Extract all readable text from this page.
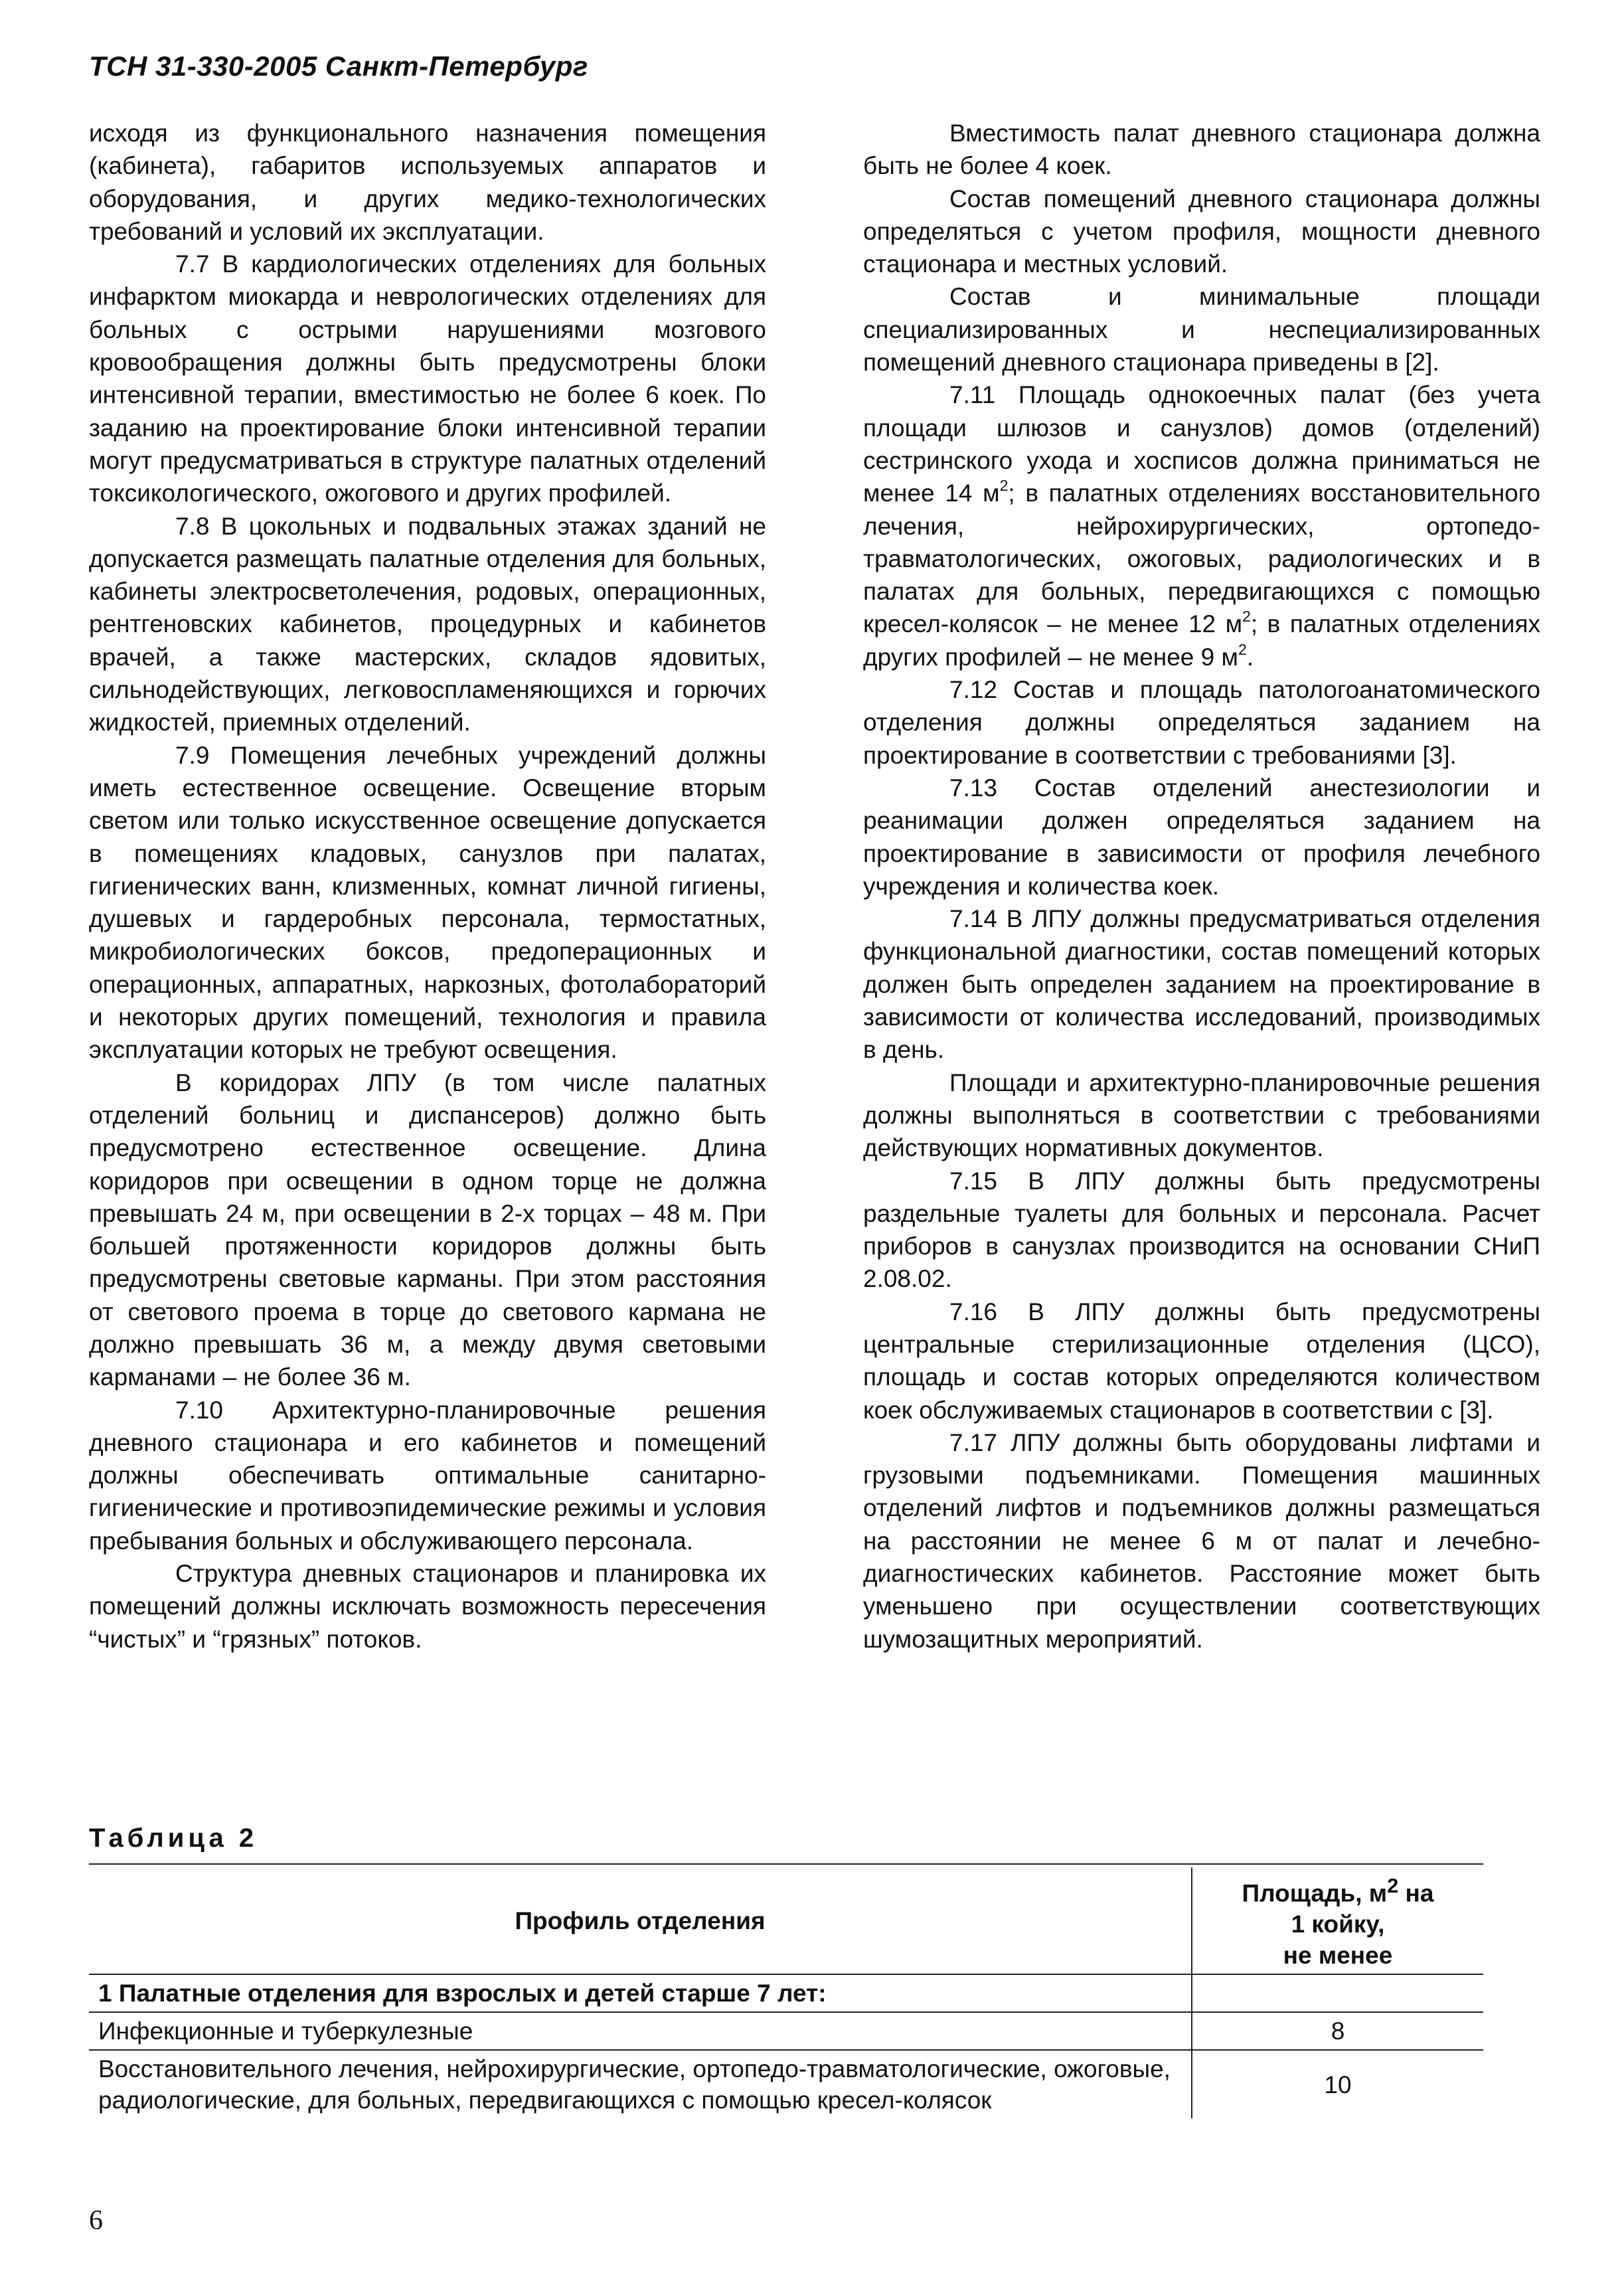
ТСН 31-330-2005 Санкт-Петербург

исходя из функционального назначения помещения (кабинета), габаритов используемых аппаратов и оборудования, и других медико-технологических требований и условий их эксплуатации.

7.7 В кардиологических отделениях для больных инфарктом миокарда и неврологических отделениях для больных с острыми нарушениями мозгового кровообращения должны быть предусмотрены блоки интенсивной терапии, вместимостью не более 6 коек. По заданию на проектирование блоки интенсивной терапии могут предусматриваться в структуре палатных отделений токсикологического, ожогового и других профилей.

7.8 В цокольных и подвальных этажах зданий не допускается размещать палатные отделения для больных, кабинеты электросветолечения, родовых, операционных, рентгеновских кабинетов, процедурных и кабинетов врачей, а также мастерских, складов ядовитых, сильнодействующих, легковоспламеняющихся и горючих жидкостей, приемных отделений.

7.9 Помещения лечебных учреждений должны иметь естественное освещение. Освещение вторым светом или только искусственное освещение допускается в помещениях кладовых, санузлов при палатах, гигиенических ванн, клизменных, комнат личной гигиены, душевых и гардеробных персонала, термостатных, микробиологических боксов, предоперационных и операционных, аппаратных, наркозных, фотолабораторий и некоторых других помещений, технология и правила эксплуатации которых не требуют освещения.

В коридорах ЛПУ (в том числе палатных отделений больниц и диспансеров) должно быть предусмотрено естественное освещение. Длина коридоров при освещении в одном торце не должна превышать 24 м, при освещении в 2-х торцах – 48 м. При большей протяженности коридоров должны быть предусмотрены световые карманы. При этом расстояния от светового проема в торце до светового кармана не должно превышать 36 м, а между двумя световыми карманами – не более 36 м.

7.10 Архитектурно-планировочные решения дневного стационара и его кабинетов и помещений должны обеспечивать оптимальные санитарно-гигиенические и противоэпидемические режимы и условия пребывания больных и обслуживающего персонала.

Структура дневных стационаров и планировка их помещений должны исключать возможность пересечения “чистых” и “грязных” потоков.

Вместимость палат дневного стационара должна быть не более 4 коек.

Состав помещений дневного стационара должны определяться с учетом профиля, мощности дневного стационара и местных условий.

Состав и минимальные площади специализированных и неспециализированных помещений дневного стационара приведены в [2].

7.11 Площадь однокоечных палат (без учета площади шлюзов и санузлов) домов (отделений) сестринского ухода и хосписов должна приниматься не менее 14 $м^2$; в палатных отделениях восстановительного лечения, нейрохирургических, ортопедо-травматологических, ожоговых, радиологических и в палатах для больных, передвигающихся с помощью кресел-колясок – не менее 12 $м^2$; в палатных отделениях других профилей – не менее 9 $м^2$.

7.12 Состав и площадь патологоанатомического отделения должны определяться заданием на проектирование в соответствии с требованиями [3].

7.13 Состав отделений анестезиологии и реанимации должен определяться заданием на проектирование в зависимости от профиля лечебного учреждения и количества коек.

7.14 В ЛПУ должны предусматриваться отделения функциональной диагностики, состав помещений которых должен быть определен заданием на проектирование в зависимости от количества исследований, производимых в день.

Площади и архитектурно-планировочные решения должны выполняться в соответствии с требованиями действующих нормативных документов.

7.15 В ЛПУ должны быть предусмотрены раздельные туалеты для больных и персонала. Расчет приборов в санузлах производится на основании СНиП 2.08.02.

7.16 В ЛПУ должны быть предусмотрены центральные стерилизационные отделения (ЦСО), площадь и состав которых определяются количеством коек обслуживаемых стационаров в соответствии с [3].

7.17 ЛПУ должны быть оборудованы лифтами и грузовыми подъемниками. Помещения машинных отделений лифтов и подъемников должны размещаться на расстоянии не менее 6 м от палат и лечебно-диагностических кабинетов. Расстояние может быть уменьшено при осуществлении соответствующих шумозащитных мероприятий.

Таблица 2
Профиль отделения	Площадь, $м^2$ на
1 койку,
не менее
1 Палатные отделения для взрослых и детей старше 7 лет:	
Инфекционные и туберкулезные	8
Восстановительного лечения, нейрохирургические, ортопедо-травматологические, ожоговые, радиологические, для больных, передвигающихся с помощью кресел-колясок	10
6
